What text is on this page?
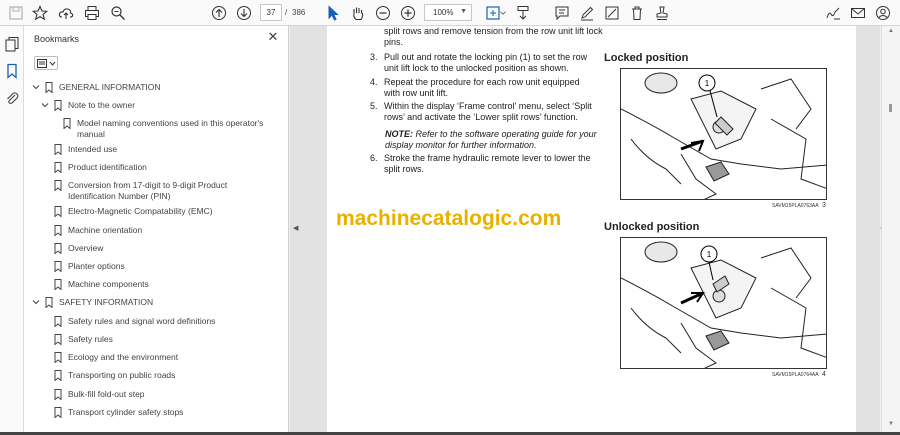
37	/ 386	100% ▼
Bookmarks	✕
GENERAL INFORMATION
Note to the owner
Model naming conventions used in this operator's manual
Intended use
Product identification
Conversion from 17-digit to 9-digit Product Identification Number (PIN)
Electro-Magnetic Compatability (EMC)
Machine orientation
Overview
Planter options
Machine components
SAFETY INFORMATION
Safety rules and signal word definitions
Safety rules
Ecology and the environment
Transporting on public roads
Bulk-fill fold-out step
Transport cylinder safety stops
◀
split rows and remove tension from the row unit lift lock pins.
3. Pull out and rotate the locking pin (1) to set the row unit lift lock to the unlocked position as shown.
4. Repeat the procedure for each row unit equipped with row unit lift.
5. Within the display ‘Frame control’ menu, select ‘Split rows’ and activate the ‘Lower split rows’ function.
NOTE: Refer to the software operating guide for your display monitor for further information.
6. Stroke the frame hydraulic remote lever to lower the split rows.
machinecatalogic.com
Locked position
1
SAVM15PLA0763AA 3
Unlocked position
1
SAVM15PLA0764AA 4
▲
▼
